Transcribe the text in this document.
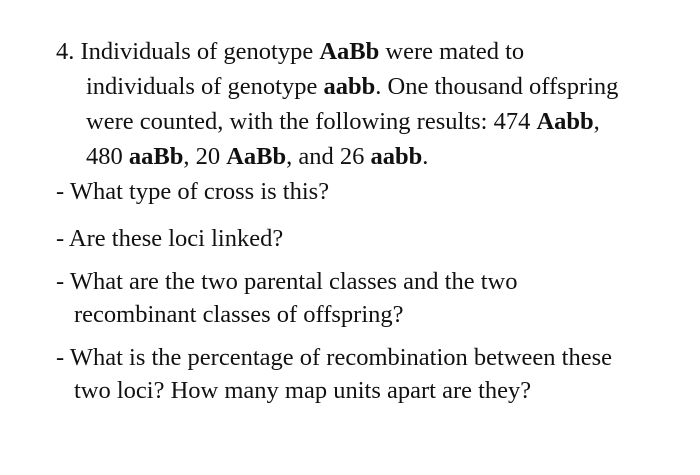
4. Individuals of genotype AaBb were mated to
individuals of genotype aabb. One thousand offspring
were counted, with the following results: 474 Aabb,
480 aaBb, 20 AaBb, and 26 aabb.
- What type of cross is this?
- Are these loci linked?
- What are the two parental classes and the two
recombinant classes of offspring?
- What is the percentage of recombination between these
two loci? How many map units apart are they?
